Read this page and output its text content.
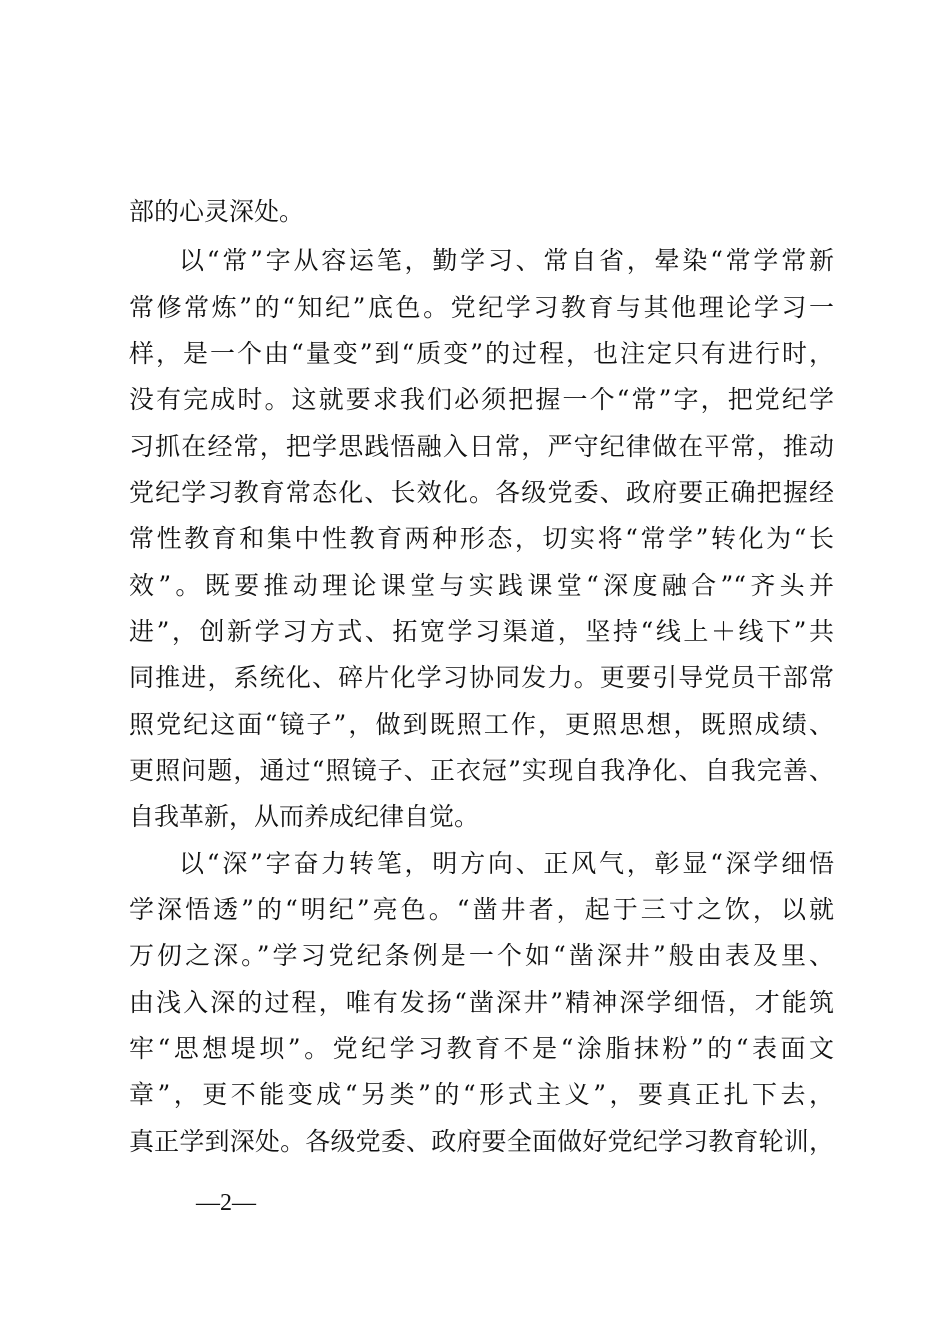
部的心灵深处。
以“常”字从容运笔，勤学习、常自省，晕染“常学常新
常修常炼”的“知纪”底色。党纪学习教育与其他理论学习一
样，是一个由“量变”到“质变”的过程，也注定只有进行时，
没有完成时。这就要求我们必须把握一个“常”字，把党纪学
习抓在经常，把学思践悟融入日常，严守纪律做在平常，推动
党纪学习教育常态化、长效化。各级党委、政府要正确把握经
常性教育和集中性教育两种形态，切实将“常学”转化为“长
效”。既要推动理论课堂与实践课堂“深度融合”“齐头并
进”，创新学习方式、拓宽学习渠道，坚持“线上＋线下”共
同推进，系统化、碎片化学习协同发力。更要引导党员干部常
照党纪这面“镜子”，做到既照工作，更照思想，既照成绩、
更照问题，通过“照镜子、正衣冠”实现自我净化、自我完善、
自我革新，从而养成纪律自觉。
以“深”字奋力转笔，明方向、正风气，彰显“深学细悟
学深悟透”的“明纪”亮色。“凿井者，起于三寸之饮，以就
万仞之深。”学习党纪条例是一个如“凿深井”般由表及里、
由浅入深的过程，唯有发扬“凿深井”精神深学细悟，才能筑
牢“思想堤坝”。党纪学习教育不是“涂脂抹粉”的“表面文
章”，更不能变成“另类”的“形式主义”，要真正扎下去，
真正学到深处。各级党委、政府要全面做好党纪学习教育轮训，
—2—
